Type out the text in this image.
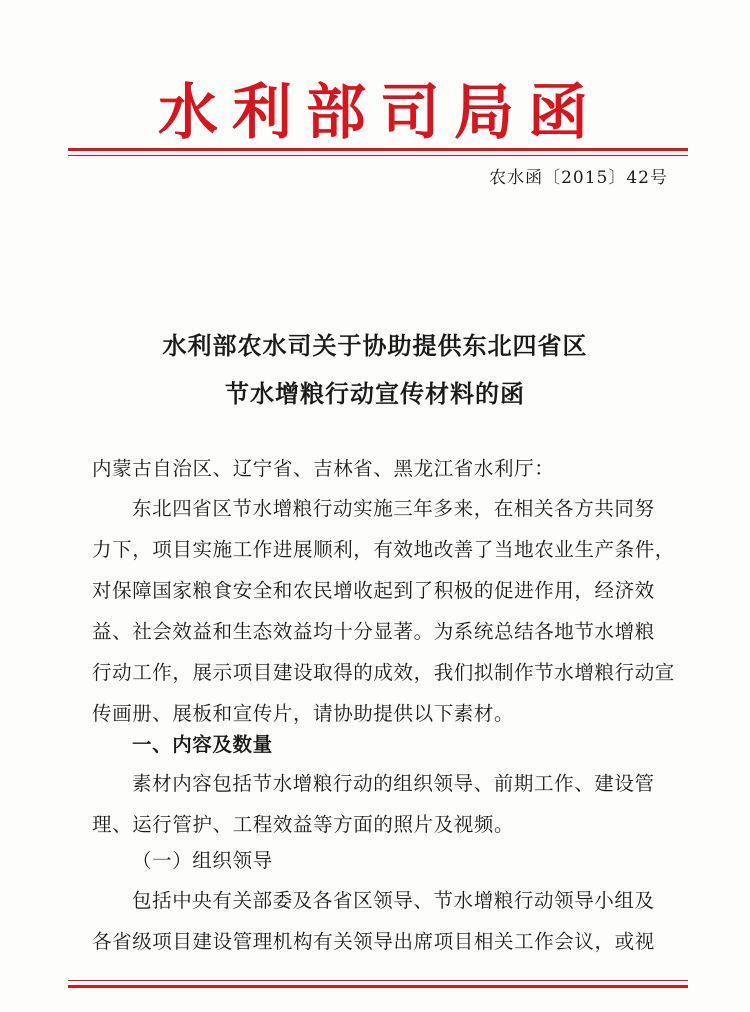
水利部司局函
农水函〔2015〕42号
水利部农水司关于协助提供东北四省区
节水增粮行动宣传材料的函
内蒙古自治区、辽宁省、吉林省、黑龙江省水利厅：
东北四省区节水增粮行动实施三年多来，在相关各方共同努
力下，项目实施工作进展顺利，有效地改善了当地农业生产条件，
对保障国家粮食安全和农民增收起到了积极的促进作用，经济效
益、社会效益和生态效益均十分显著。为系统总结各地节水增粮
行动工作，展示项目建设取得的成效，我们拟制作节水增粮行动宣
传画册、展板和宣传片，请协助提供以下素材。
一、内容及数量
素材内容包括节水增粮行动的组织领导、前期工作、建设管
理、运行管护、工程效益等方面的照片及视频。
（一）组织领导
包括中央有关部委及各省区领导、节水增粮行动领导小组及
各省级项目建设管理机构有关领导出席项目相关工作会议，或视
